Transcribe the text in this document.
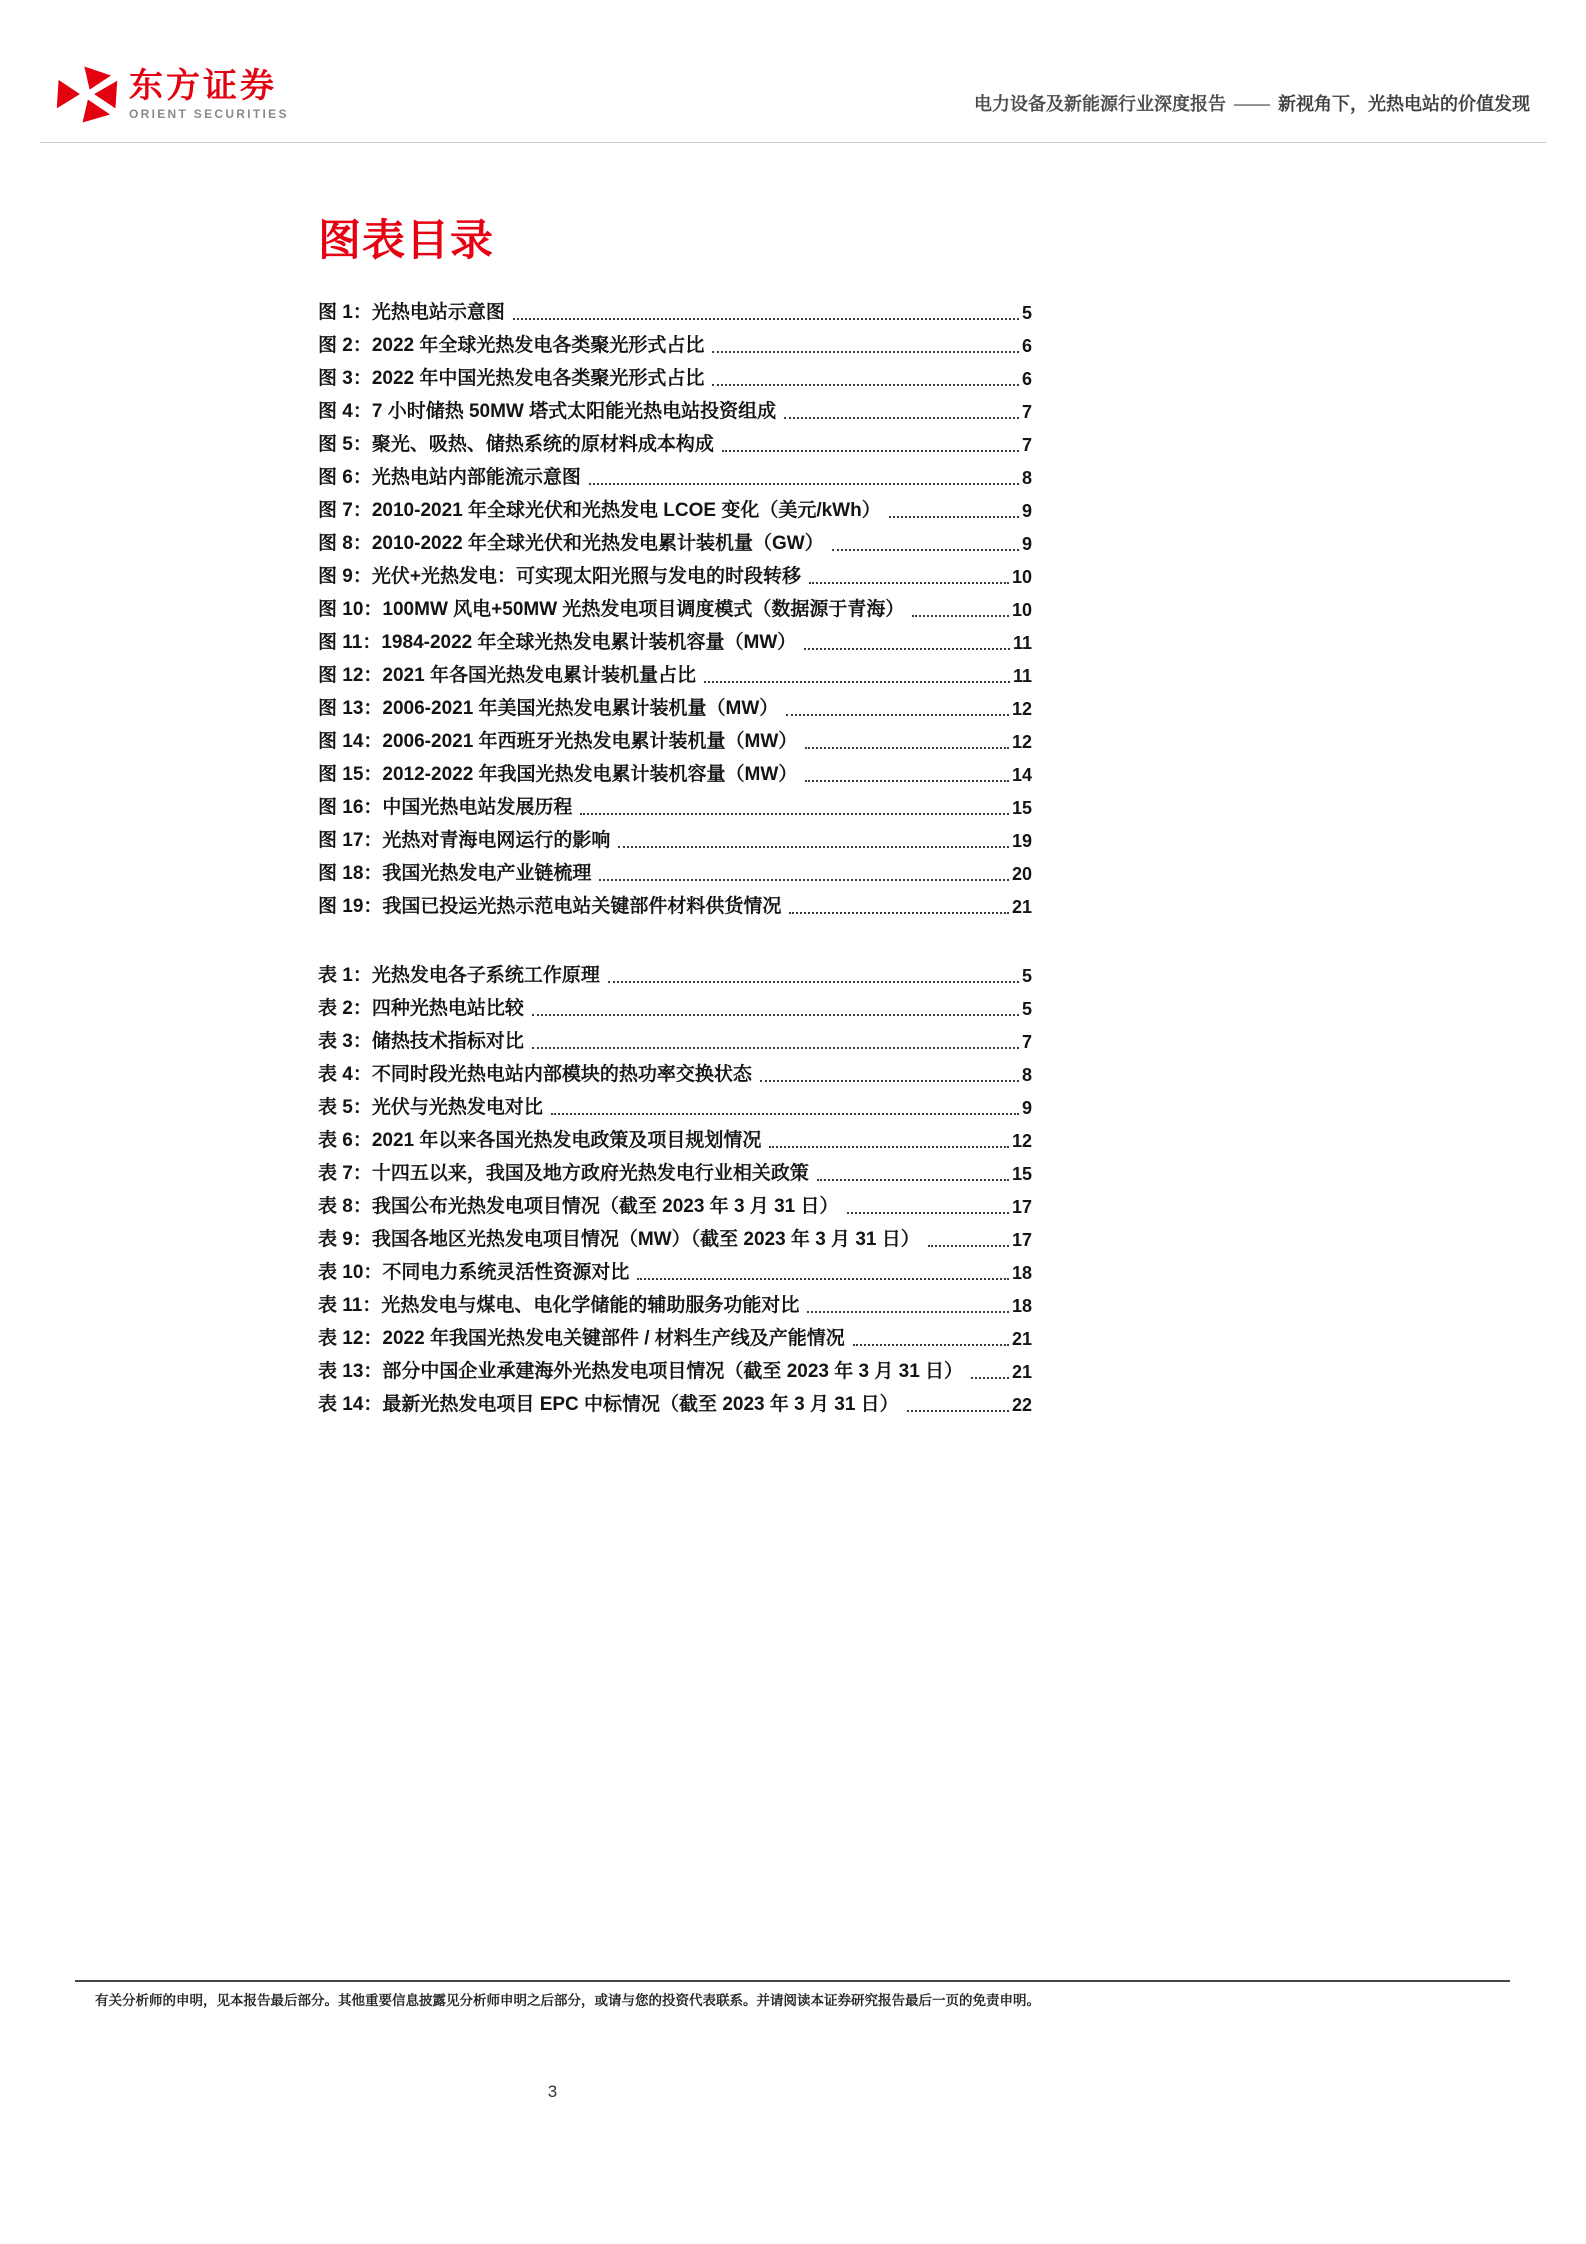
东方证券
ORIENT SECURITIES
电力设备及新能源行业深度报告 —— 新视角下，光热电站的价值发现
图表目录
图 1：光热电站示意图	5
图 2：2022 年全球光热发电各类聚光形式占比	6
图 3：2022 年中国光热发电各类聚光形式占比	6
图 4：7 小时储热 50MW 塔式太阳能光热电站投资组成	7
图 5：聚光、吸热、储热系统的原材料成本构成	7
图 6：光热电站内部能流示意图	8
图 7：2010-2021 年全球光伏和光热发电 LCOE 变化（美元/kWh）	9
图 8：2010-2022 年全球光伏和光热发电累计装机量（GW）	9
图 9：光伏+光热发电：可实现太阳光照与发电的时段转移	10
图 10：100MW 风电+50MW 光热发电项目调度模式（数据源于青海）	10
图 11：1984-2022 年全球光热发电累计装机容量（MW）	11
图 12：2021 年各国光热发电累计装机量占比	11
图 13：2006-2021 年美国光热发电累计装机量（MW）	12
图 14：2006-2021 年西班牙光热发电累计装机量（MW）	12
图 15：2012-2022 年我国光热发电累计装机容量（MW）	14
图 16：中国光热电站发展历程	15
图 17：光热对青海电网运行的影响	19
图 18：我国光热发电产业链梳理	20
图 19：我国已投运光热示范电站关键部件材料供货情况	21
表 1：光热发电各子系统工作原理	5
表 2：四种光热电站比较	5
表 3：储热技术指标对比	7
表 4：不同时段光热电站内部模块的热功率交换状态	8
表 5：光伏与光热发电对比	9
表 6：2021 年以来各国光热发电政策及项目规划情况	12
表 7：十四五以来，我国及地方政府光热发电行业相关政策	15
表 8：我国公布光热发电项目情况（截至 2023 年 3 月 31 日）	17
表 9：我国各地区光热发电项目情况（MW）（截至 2023 年 3 月 31 日）	17
表 10：不同电力系统灵活性资源对比	18
表 11：光热发电与煤电、电化学储能的辅助服务功能对比	18
表 12：2022 年我国光热发电关键部件 / 材料生产线及产能情况	21
表 13：部分中国企业承建海外光热发电项目情况（截至 2023 年 3 月 31 日）	21
表 14：最新光热发电项目 EPC 中标情况（截至 2023 年 3 月 31 日）	22
有关分析师的申明，见本报告最后部分。其他重要信息披露见分析师申明之后部分，或请与您的投资代表联系。并请阅读本证券研究报告最后一页的免责申明。
3
